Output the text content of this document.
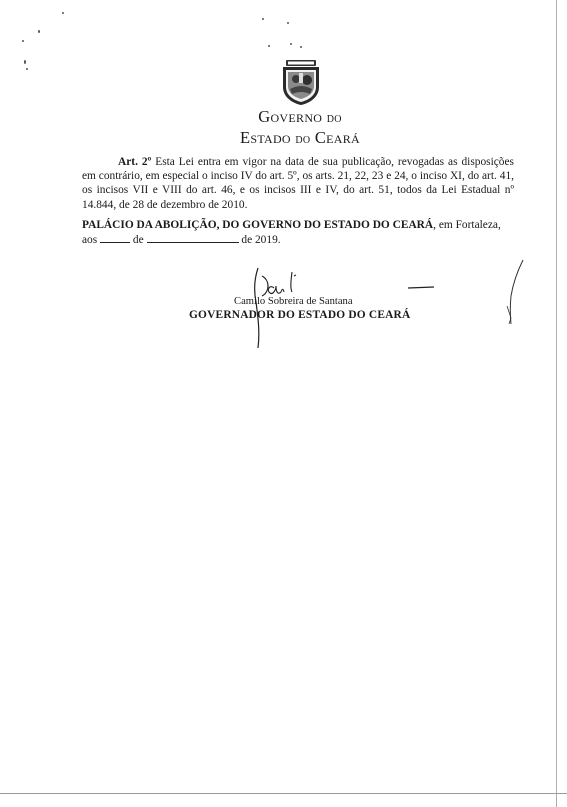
GOVERNO DO
ESTADO DO CEARÁ
Art. 2º Esta Lei entra em vigor na data de sua publicação, revogadas as disposições em contrário, em especial o inciso IV do art. 5º, os arts. 21, 22, 23 e 24, o inciso XI, do art. 41, os incisos VII e VIII do art. 46, e os incisos III e IV, do art. 51, todos da Lei Estadual nº 14.844, de 28 de dezembro de 2010.
PALÁCIO DA ABOLIÇÃO, DO GOVERNO DO ESTADO DO CEARÁ, em Fortaleza,
aos	de	de 2019.
Camilo Sobreira de Santana
GOVERNADOR DO ESTADO DO CEARÁ
